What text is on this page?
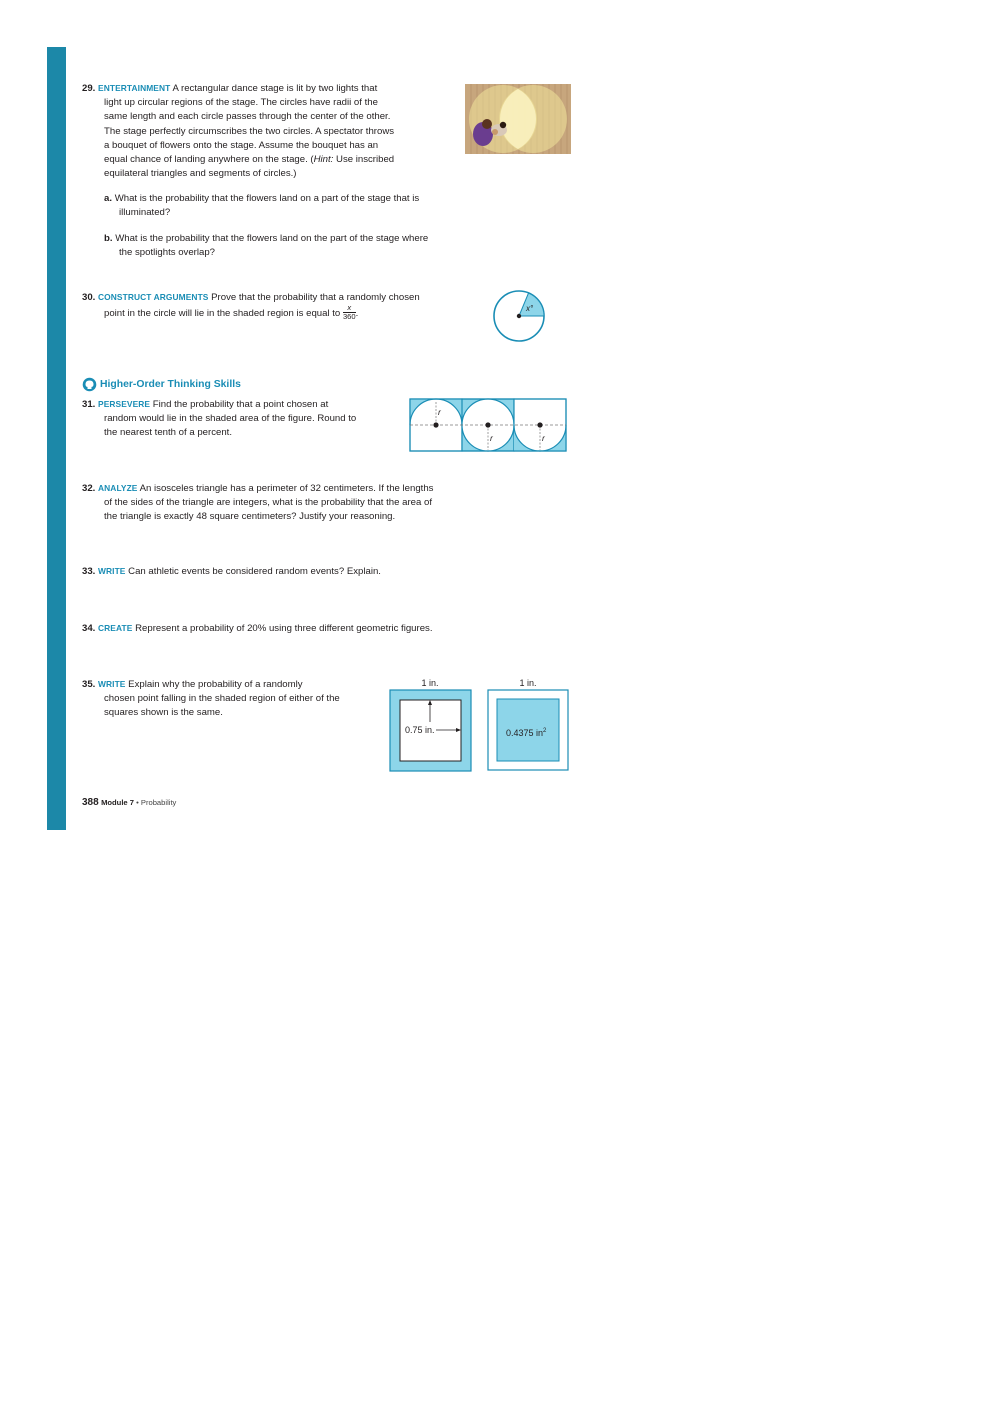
29. ENTERTAINMENT A rectangular dance stage is lit by two lights that
light up circular regions of the stage. The circles have radii of the
same length and each circle passes through the center of the other.
The stage perfectly circumscribes the two circles. A spectator throws
a bouquet of flowers onto the stage. Assume the bouquet has an
equal chance of landing anywhere on the stage. (Hint: Use inscribed
equilateral triangles and segments of circles.)
a. What is the probability that the flowers land on a part of the stage that is
illuminated?
b. What is the probability that the flowers land on the part of the stage where
the spotlights overlap?
30. CONSTRUCT ARGUMENTS Prove that the probability that a randomly chosen
point in the circle will lie in the shaded region is equal to $\frac{x}{360}$ .	x°
Higher-Order Thinking Skills
31. PERSEVERE Find the probability that a point chosen at
random would lie in the shaded area of the figure. Round to
the nearest tenth of a percent.
r
r	r
32. ANALYZE An isosceles triangle has a perimeter of 32 centimeters. If the lengths
of the sides of the triangle are integers, what is the probability that the area of
the triangle is exactly 48 square centimeters? Justify your reasoning.
33. WRITE Can athletic events be considered random events? Explain.
34. CREATE Represent a probability of 20% using three different geometric figures.
35. WRITE Explain why the probability of a randomly
chosen point falling in the shaded region of either of the
squares shown is the same.
1 in.
0.75 in.
1 in.
0.4375 $in^2$
388 Module 7 • Probability
